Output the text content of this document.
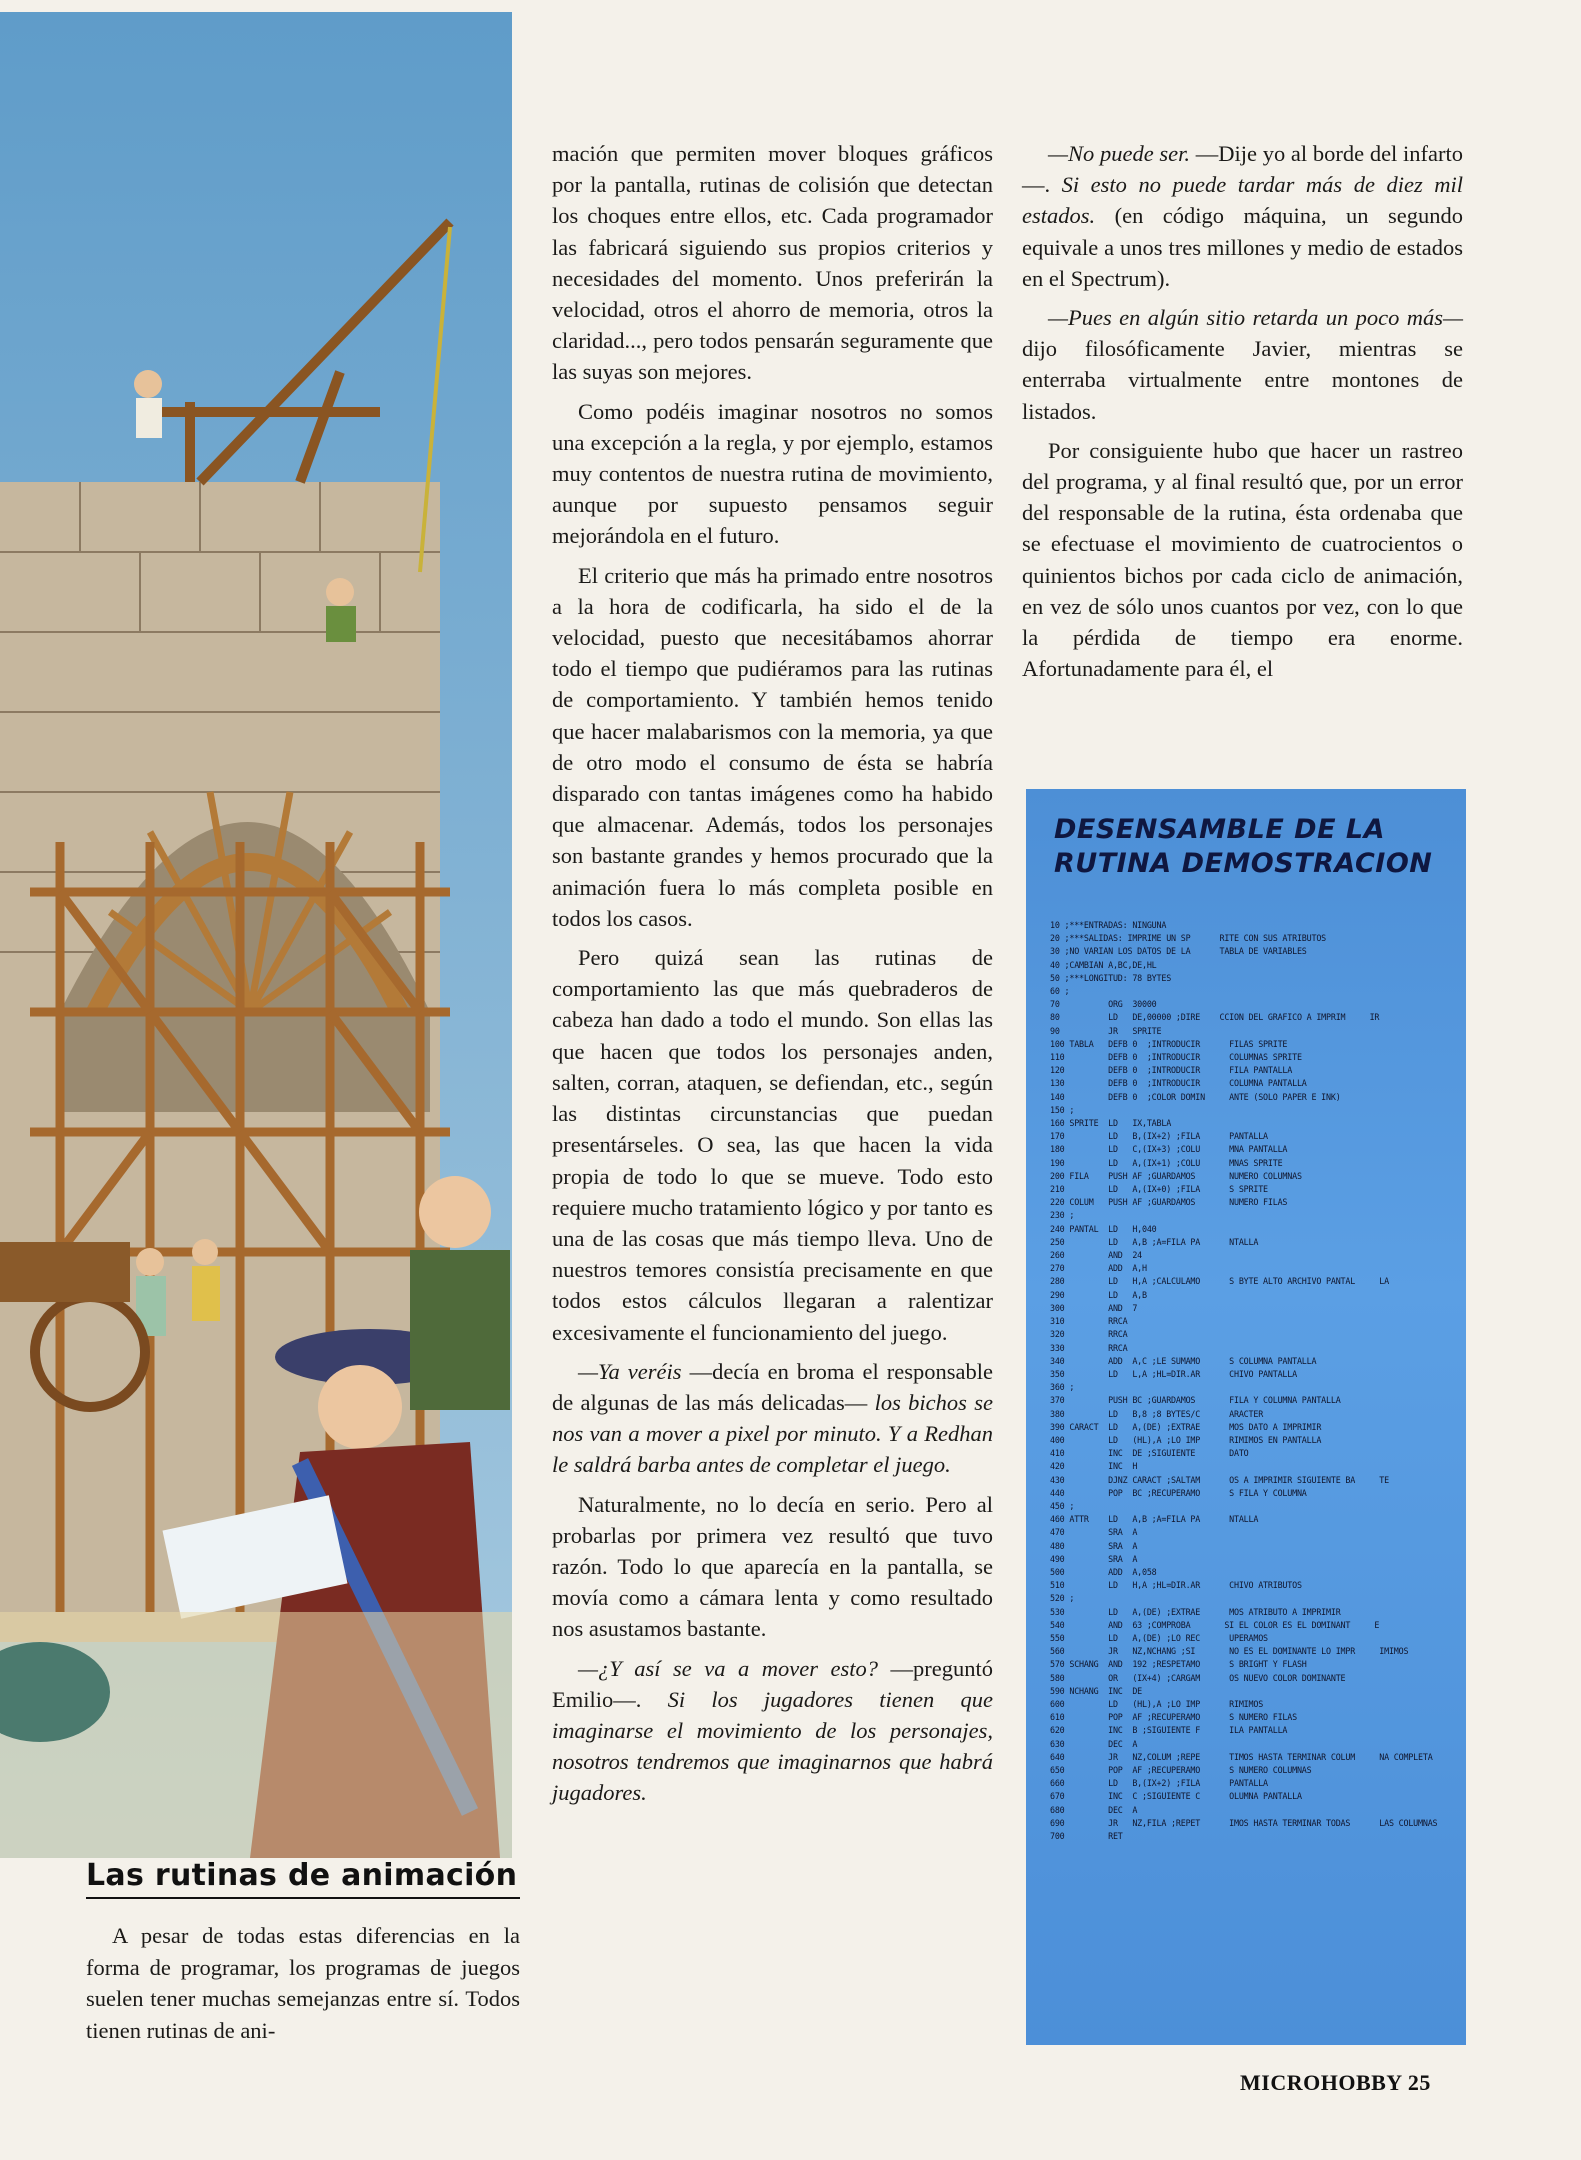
Las rutinas de animación

A pesar de todas estas diferencias en la forma de programar, los programas de juegos suelen tener muchas semejanzas entre sí. Todos tienen rutinas de ani-

mación que permiten mover bloques gráficos por la pantalla, rutinas de colisión que detectan los choques entre ellos, etc. Cada programador las fabricará siguiendo sus propios criterios y necesidades del momento. Unos preferirán la velocidad, otros el ahorro de memoria, otros la claridad..., pero todos pensarán seguramente que las suyas son mejores.

Como podéis imaginar nosotros no somos una excepción a la regla, y por ejemplo, estamos muy contentos de nuestra rutina de movimiento, aunque por supuesto pensamos seguir mejorándola en el futuro.

El criterio que más ha primado entre nosotros a la hora de codificarla, ha sido el de la velocidad, puesto que necesitábamos ahorrar todo el tiempo que pudiéramos para las rutinas de comportamiento. Y también hemos tenido que hacer malabarismos con la memoria, ya que de otro modo el consumo de ésta se habría disparado con tantas imágenes como ha habido que almacenar. Además, todos los personajes son bastante grandes y hemos procurado que la animación fuera lo más completa posible en todos los casos.

Pero quizá sean las rutinas de comportamiento las que más quebraderos de cabeza han dado a todo el mundo. Son ellas las que hacen que todos los personajes anden, salten, corran, ataquen, se defiendan, etc., según las distintas circunstancias que puedan presentárseles. O sea, las que hacen la vida propia de todo lo que se mueve. Todo esto requiere mucho tratamiento lógico y por tanto es una de las cosas que más tiempo lleva. Uno de nuestros temores consistía precisamente en que todos estos cálculos llegaran a ralentizar excesivamente el funcionamiento del juego.

—Ya veréis —decía en broma el responsable de algunas de las más delicadas— los bichos se nos van a mover a pixel por minuto. Y a Redhan le saldrá barba antes de completar el juego.

Naturalmente, no lo decía en serio. Pero al probarlas por primera vez resultó que tuvo razón. Todo lo que aparecía en la pantalla, se movía como a cámara lenta y como resultado nos asustamos bastante.

—¿Y así se va a mover esto? —preguntó Emilio—. Si los jugadores tienen que imaginarse el movimiento de los personajes, nosotros tendremos que imaginarnos que habrá jugadores.

—No puede ser. —Dije yo al borde del infarto—. Si esto no puede tardar más de diez mil estados. (en código máquina, un segundo equivale a unos tres millones y medio de estados en el Spectrum).

—Pues en algún sitio retarda un poco más— dijo filosóficamente Javier, mientras se enterraba virtualmente entre montones de listados.

Por consiguiente hubo que hacer un rastreo del programa, y al final resultó que, por un error del responsable de la rutina, ésta ordenaba que se efectuase el movimiento de cuatrocientos o quinientos bichos por cada ciclo de animación, en vez de sólo unos cuantos por vez, con lo que la pérdida de tiempo era enorme. Afortunadamente para él, el

DESENSAMBLE DE LA RUTINA DEMOSTRACION
10 ;***ENTRADAS: NINGUNA
20 ;***SALIDAS: IMPRIME UN SP      RITE CON SUS ATRIBUTOS
30 ;NO VARIAN LOS DATOS DE LA      TABLA DE VARIABLES
40 ;CAMBIAN A,BC,DE,HL
50 ;***LONGITUD: 78 BYTES
60 ;
70          ORG  30000
80          LD   DE,00000 ;DIRE    CCION DEL GRAFICO A IMPRIM     IR
90          JR   SPRITE
100 TABLA   DEFB 0  ;INTRODUCIR      FILAS SPRITE
110         DEFB 0  ;INTRODUCIR      COLUMNAS SPRITE
120         DEFB 0  ;INTRODUCIR      FILA PANTALLA
130         DEFB 0  ;INTRODUCIR      COLUMNA PANTALLA
140         DEFB 0  ;COLOR DOMIN     ANTE (SOLO PAPER E INK)
150 ;
160 SPRITE  LD   IX,TABLA
170         LD   B,(IX+2) ;FILA      PANTALLA
180         LD   C,(IX+3) ;COLU      MNA PANTALLA
190         LD   A,(IX+1) ;COLU      MNAS SPRITE
200 FILA    PUSH AF ;GUARDAMOS       NUMERO COLUMNAS
210         LD   A,(IX+0) ;FILA      S SPRITE
220 COLUM   PUSH AF ;GUARDAMOS       NUMERO FILAS
230 ;
240 PANTAL  LD   H,040
250         LD   A,B ;A=FILA PA      NTALLA
260         AND  24
270         ADD  A,H
280         LD   H,A ;CALCULAMO      S BYTE ALTO ARCHIVO PANTAL     LA
290         LD   A,B
300         AND  7
310         RRCA
320         RRCA
330         RRCA
340         ADD  A,C ;LE SUMAMO      S COLUMNA PANTALLA
350         LD   L,A ;HL=DIR.AR      CHIVO PANTALLA
360 ;
370         PUSH BC ;GUARDAMOS       FILA Y COLUMNA PANTALLA
380         LD   B,8 ;8 BYTES/C      ARACTER
390 CARACT  LD   A,(DE) ;EXTRAE      MOS DATO A IMPRIMIR
400         LD   (HL),A ;LO IMP      RIMIMOS EN PANTALLA
410         INC  DE ;SIGUIENTE       DATO
420         INC  H
430         DJNZ CARACT ;SALTAM      OS A IMPRIMIR SIGUIENTE BA     TE
440         POP  BC ;RECUPERAMO      S FILA Y COLUMNA
450 ;
460 ATTR    LD   A,B ;A=FILA PA      NTALLA
470         SRA  A
480         SRA  A
490         SRA  A
500         ADD  A,058
510         LD   H,A ;HL=DIR.AR      CHIVO ATRIBUTOS
520 ;
530         LD   A,(DE) ;EXTRAE      MOS ATRIBUTO A IMPRIMIR
540         AND  63 ;COMPROBA       SI EL COLOR ES EL DOMINANT     E
550         LD   A,(DE) ;LO REC      UPERAMOS
560         JR   NZ,NCHANG ;SI       NO ES EL DOMINANTE LO IMPR     IMIMOS
570 SCHANG  AND  192 ;RESPETAMO      S BRIGHT Y FLASH
580         OR   (IX+4) ;CARGAM      OS NUEVO COLOR DOMINANTE
590 NCHANG  INC  DE
600         LD   (HL),A ;LO IMP      RIMIMOS
610         POP  AF ;RECUPERAMO      S NUMERO FILAS
620         INC  B ;SIGUIENTE F      ILA PANTALLA
630         DEC  A
640         JR   NZ,COLUM ;REPE      TIMOS HASTA TERMINAR COLUM     NA COMPLETA
650         POP  AF ;RECUPERAMO      S NUMERO COLUMNAS
660         LD   B,(IX+2) ;FILA      PANTALLA
670         INC  C ;SIGUIENTE C      OLUMNA PANTALLA
680         DEC  A
690         JR   NZ,FILA ;REPET      IMOS HASTA TERMINAR TODAS      LAS COLUMNAS
700         RET
MICROHOBBY 25
